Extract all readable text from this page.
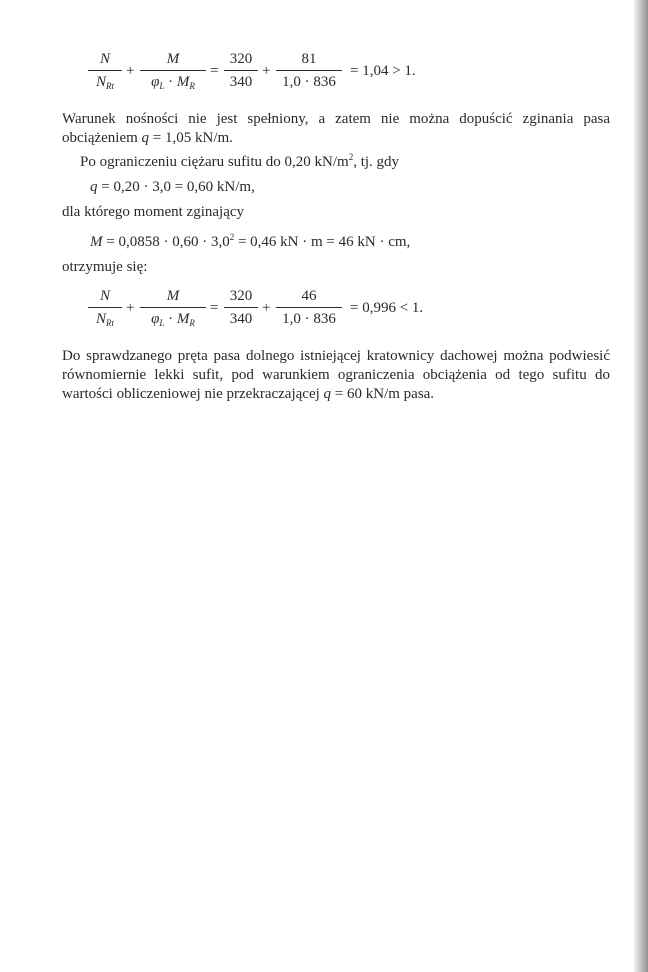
N
$N_{Rt}$
+
M
$\varphi_L \cdot M_R$
=
320
340
+
81
1,0 · 836
= 1,04 > 1.

Warunek nośności nie jest spełniony, a zatem nie można dopuścić zginania pasa obciążeniem q = 1,05 kN/m.

Po ograniczeniu ciężaru sufitu do 0,20 $kN/m^2$, tj. gdy

q = 0,20 · 3,0 = 0,60 kN/m,

dla którego moment zginający

$M = 0,0858 \cdot 0,60 \cdot 3,0^2 = 0,46$ kN · m = 46 kN · cm,

otrzymuje się:

N
$N_{Rt}$
+
M
$\varphi_L \cdot M_R$
=
320
340
+
46
1,0 · 836
= 0,996 < 1.

Do sprawdzanego pręta pasa dolnego istniejącej kratownicy dachowej można podwiesić równomiernie lekki sufit, pod warunkiem ograniczenia obciążenia od tego sufitu do wartości obliczeniowej nie przekraczającej q = 60 kN/m pasa.
